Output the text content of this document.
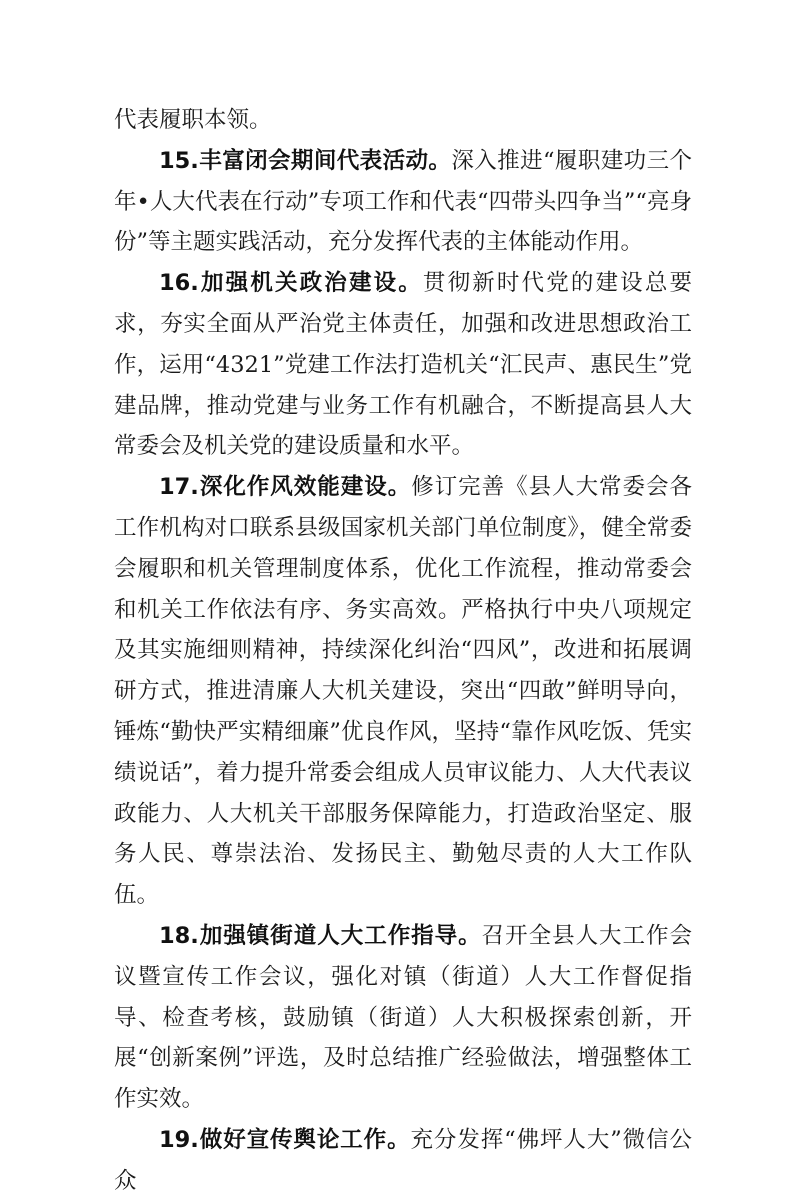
代表履职本领。

15.丰富闭会期间代表活动。深入推进“履职建功三个年•人大代表在行动”专项工作和代表“四带头四争当”“亮身份”等主题实践活动，充分发挥代表的主体能动作用。

16.加强机关政治建设。贯彻新时代党的建设总要求，夯实全面从严治党主体责任，加强和改进思想政治工作，运用“4321”党建工作法打造机关“汇民声、惠民生”党建品牌，推动党建与业务工作有机融合，不断提高县人大常委会及机关党的建设质量和水平。

17.深化作风效能建设。修订完善《县人大常委会各工作机构对口联系县级国家机关部门单位制度》，健全常委会履职和机关管理制度体系，优化工作流程，推动常委会和机关工作依法有序、务实高效。严格执行中央八项规定及其实施细则精神，持续深化纠治“四风”，改进和拓展调研方式，推进清廉人大机关建设，突出“四敢”鲜明导向，锤炼“勤快严实精细廉”优良作风，坚持“靠作风吃饭、凭实绩说话”，着力提升常委会组成人员审议能力、人大代表议政能力、人大机关干部服务保障能力，打造政治坚定、服务人民、尊崇法治、发扬民主、勤勉尽责的人大工作队伍。

18.加强镇街道人大工作指导。召开全县人大工作会议暨宣传工作会议，强化对镇（街道）人大工作督促指导、检查考核，鼓励镇（街道）人大积极探索创新，开展“创新案例”评选，及时总结推广经验做法，增强整体工作实效。

19.做好宣传舆论工作。充分发挥“佛坪人大”微信公众
